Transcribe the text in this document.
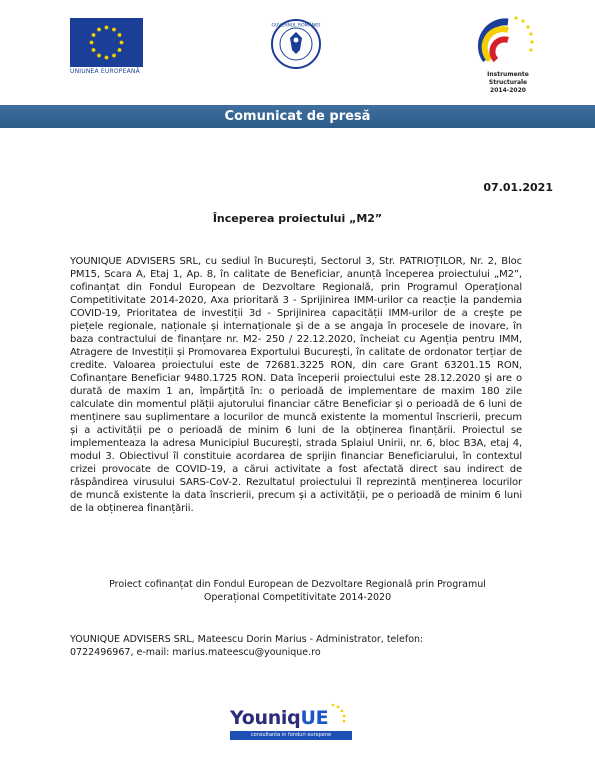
UNIUNEA EUROPEANĂ
GUVERNUL ROMÂNIEI
Instrumente Structurale
2014-2020
Comunicat de presă
07.01.2021
Începerea proiectului „M2”
YOUNIQUE ADVISERS SRL, cu sediul în București, Sectorul 3, Str. PATRIOȚILOR, Nr. 2, Bloc PM15, Scara A, Etaj 1, Ap. 8, în calitate de Beneficiar, anunță începerea proiectului „M2”, cofinanțat din Fondul European de Dezvoltare Regională, prin Programul Operațional Competitivitate 2014-2020, Axa prioritară 3 - Sprijinirea IMM-urilor ca reacție la pandemia COVID-19, Prioritatea de investiții 3d - Sprijinirea capacității IMM-urilor de a crește pe piețele regionale, naționale și internaționale și de a se angaja în procesele de inovare, în baza contractului de finanțare nr. M2- 250 / 22.12.2020, încheiat cu Agenția pentru IMM, Atragere de Investiții și Promovarea Exportului București, în calitate de ordonator terțiar de credite. Valoarea proiectului este de 72681.3225 RON, din care Grant 63201.15 RON, Cofinanțare Beneficiar 9480.1725 RON. Data începerii proiectului este 28.12.2020 și are o durată de maxim 1 an, împărțită în: o perioadă de implementare de maxim 180 zile calculate din momentul plății ajutorului financiar către Beneficiar și o perioadă de 6 luni de menținere sau suplimentare a locurilor de muncă existente la momentul înscrierii, precum și a activității pe o perioadă de minim 6 luni de la obținerea finanțării. Proiectul se implementeaza la adresa Municipiul București, strada Splaiul Unirii, nr. 6, bloc B3A, etaj 4, modul 3. Obiectivul îl constituie acordarea de sprijin financiar Beneficiarului, în contextul crizei provocate de COVID-19, a cărui activitate a fost afectată direct sau indirect de răspândirea virusului SARS-CoV-2. Rezultatul proiectului îl reprezintă menținerea locurilor de muncă existente la data înscrierii, precum și a activității, pe o perioadă de minim 6 luni de la obținerea finanțării.
Proiect cofinanțat din Fondul European de Dezvoltare Regională prin Programul
Operațional Competitivitate 2014-2020
YOUNIQUE ADVISERS SRL, Mateescu Dorin Marius - Administrator, telefon:
0722496967, e-mail: marius.mateescu@younique.ro
Youniq UE
consultanta in fonduri europene
